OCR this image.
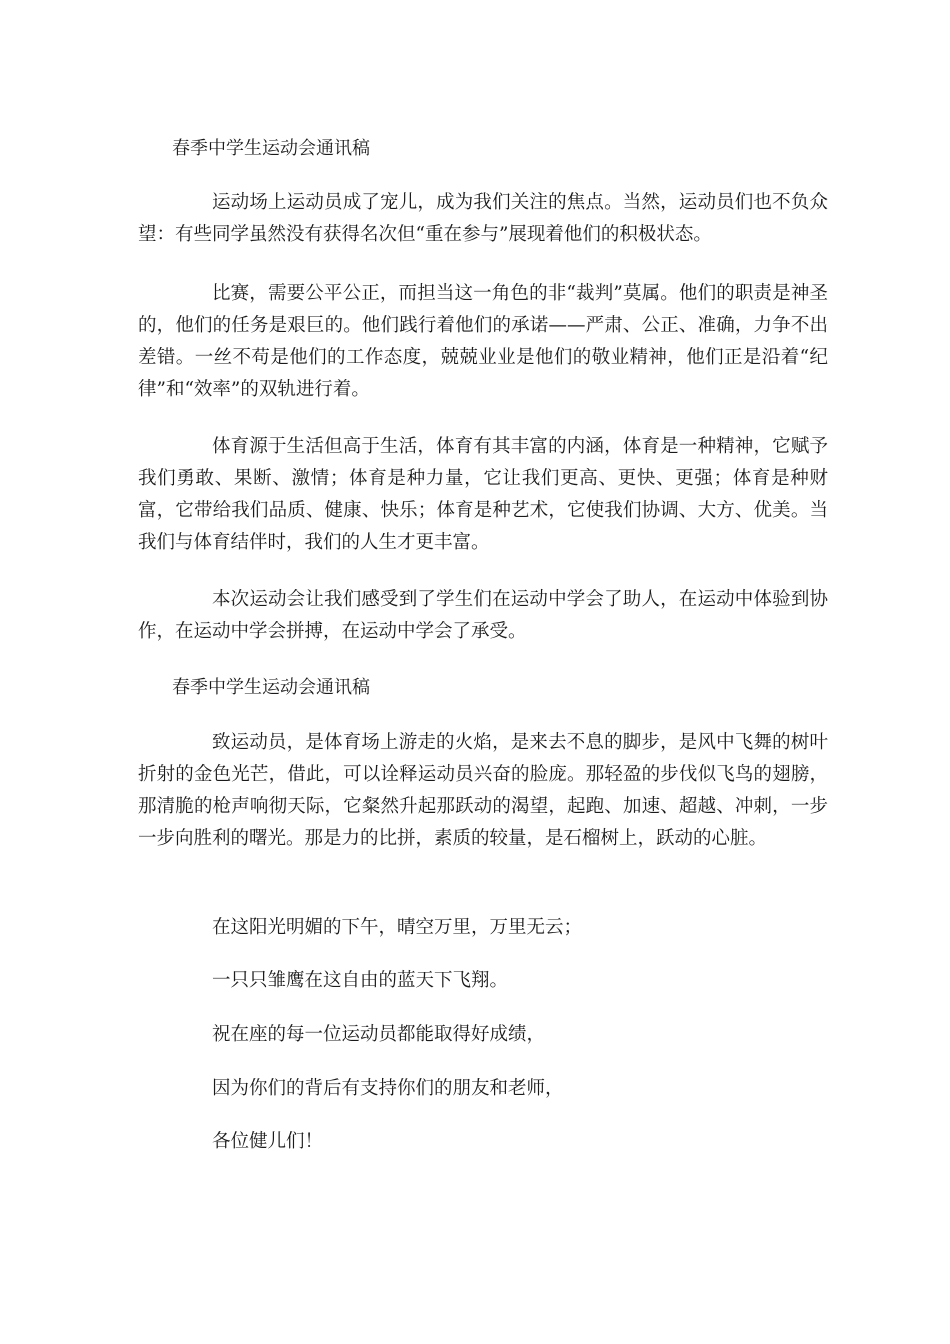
春季中学生运动会通讯稿

运动场上运动员成了宠儿，成为我们关注的焦点。当然，运动员们也不负众望：有些同学虽然没有获得名次但“重在参与”展现着他们的积极状态。

比赛，需要公平公正，而担当这一角色的非“裁判”莫属。他们的职责是神圣的，他们的任务是艰巨的。他们践行着他们的承诺——严肃、公正、准确，力争不出差错。一丝不苟是他们的工作态度，兢兢业业是他们的敬业精神，他们正是沿着“纪律”和“效率”的双轨进行着。

体育源于生活但高于生活，体育有其丰富的内涵，体育是一种精神，它赋予我们勇敢、果断、激情；体育是种力量，它让我们更高、更快、更强；体育是种财富，它带给我们品质、健康、快乐；体育是种艺术，它使我们协调、大方、优美。当我们与体育结伴时，我们的人生才更丰富。

本次运动会让我们感受到了学生们在运动中学会了助人，在运动中体验到协作，在运动中学会拼搏，在运动中学会了承受。

春季中学生运动会通讯稿

致运动员，是体育场上游走的火焰，是来去不息的脚步，是风中飞舞的树叶折射的金色光芒，借此，可以诠释运动员兴奋的脸庞。那轻盈的步伐似飞鸟的翅膀，那清脆的枪声响彻天际，它粲然升起那跃动的渴望，起跑、加速、超越、冲刺，一步一步向胜利的曙光。那是力的比拼，素质的较量，是石榴树上，跃动的心脏。

在这阳光明媚的下午，晴空万里，万里无云；

一只只雏鹰在这自由的蓝天下飞翔。

祝在座的每一位运动员都能取得好成绩，

因为你们的背后有支持你们的朋友和老师，

各位健儿们！
